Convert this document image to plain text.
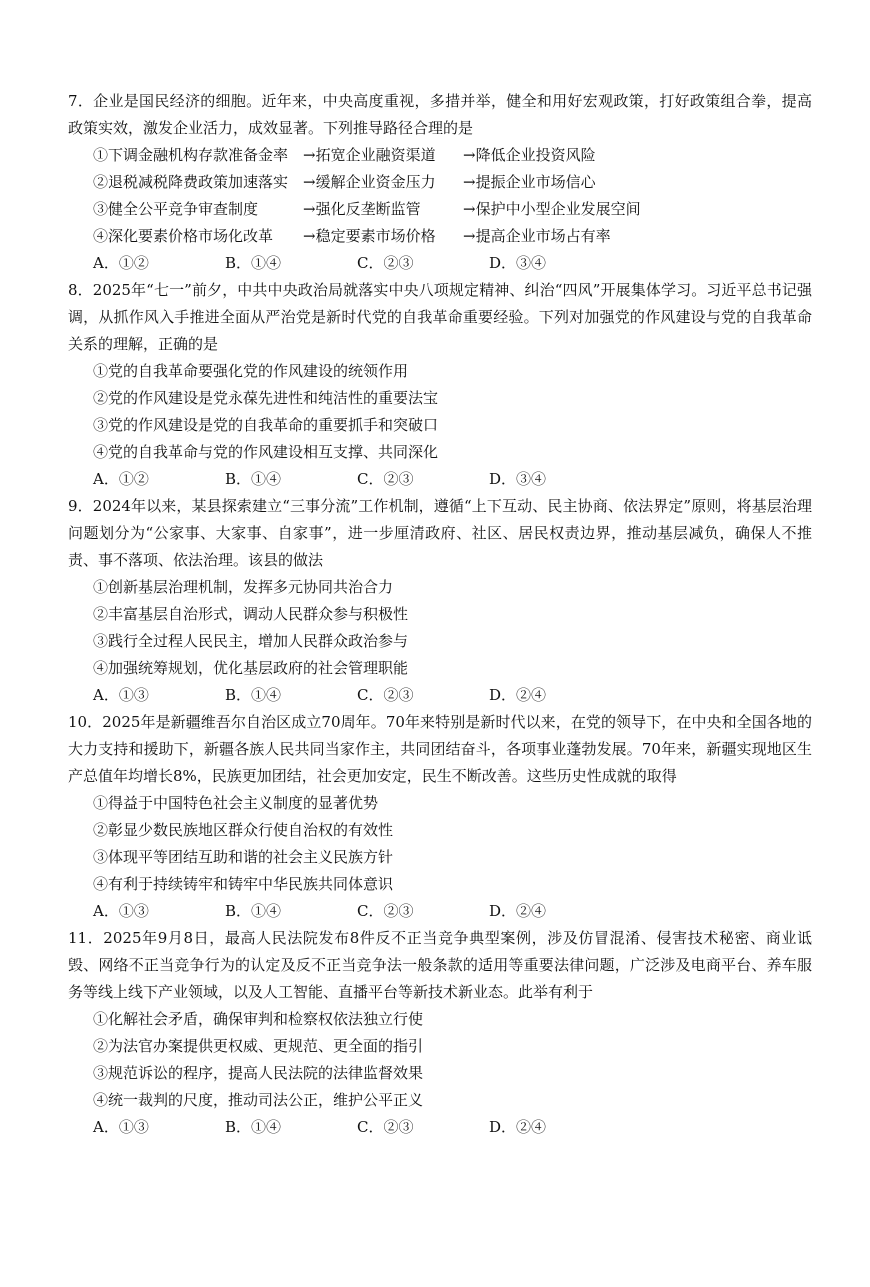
7．企业是国民经济的细胞。近年来，中央高度重视，多措并举，健全和用好宏观政策，打好政策组合拳，提高政策实效，激发企业活力，成效显著。下列推导路径合理的是

①下调金融机构存款准备金率 →拓宽企业融资渠道	→降低企业投资风险
②退税减税降费政策加速落实 →缓解企业资金压力	→提振企业市场信心
③健全公平竞争审查制度	→强化反垄断监管	→保护中小型企业发展空间
④深化要素价格市场化改革	→稳定要素市场价格	→提高企业市场占有率
A．①②	B．①④	C．②③	D．③④

8．2025年“七一”前夕，中共中央政治局就落实中央八项规定精神、纠治“四风”开展集体学习。习近平总书记强调，从抓作风入手推进全面从严治党是新时代党的自我革命重要经验。下列对加强党的作风建设与党的自我革命关系的理解，正确的是

①党的自我革命要强化党的作风建设的统领作用

②党的作风建设是党永葆先进性和纯洁性的重要法宝

③党的作风建设是党的自我革命的重要抓手和突破口

④党的自我革命与党的作风建设相互支撑、共同深化

A．①②	B．①④	C．②③	D．③④

9．2024年以来，某县探索建立“三事分流”工作机制，遵循“上下互动、民主协商、依法界定”原则，将基层治理问题划分为“公家事、大家事、自家事”，进一步厘清政府、社区、居民权责边界，推动基层减负，确保人不推责、事不落项、依法治理。该县的做法

①创新基层治理机制，发挥多元协同共治合力

②丰富基层自治形式，调动人民群众参与积极性

③践行全过程人民民主，增加人民群众政治参与

④加强统筹规划，优化基层政府的社会管理职能

A．①③	B．①④	C．②③	D．②④

10．2025年是新疆维吾尔自治区成立70周年。70年来特别是新时代以来，在党的领导下，在中央和全国各地的大力支持和援助下，新疆各族人民共同当家作主，共同团结奋斗，各项事业蓬勃发展。70年来，新疆实现地区生产总值年均增长8%，民族更加团结，社会更加安定，民生不断改善。这些历史性成就的取得

①得益于中国特色社会主义制度的显著优势

②彰显少数民族地区群众行使自治权的有效性

③体现平等团结互助和谐的社会主义民族方针

④有利于持续铸牢和铸牢中华民族共同体意识

A．①③	B．①④	C．②③	D．②④

11．2025年9月8日，最高人民法院发布8件反不正当竞争典型案例，涉及仿冒混淆、侵害技术秘密、商业诋毁、网络不正当竞争行为的认定及反不正当竞争法一般条款的适用等重要法律问题，广泛涉及电商平台、养车服务等线上线下产业领域，以及人工智能、直播平台等新技术新业态。此举有利于

①化解社会矛盾，确保审判和检察权依法独立行使

②为法官办案提供更权威、更规范、更全面的指引

③规范诉讼的程序，提高人民法院的法律监督效果

④统一裁判的尺度，推动司法公正，维护公平正义

A．①③	B．①④	C．②③	D．②④
